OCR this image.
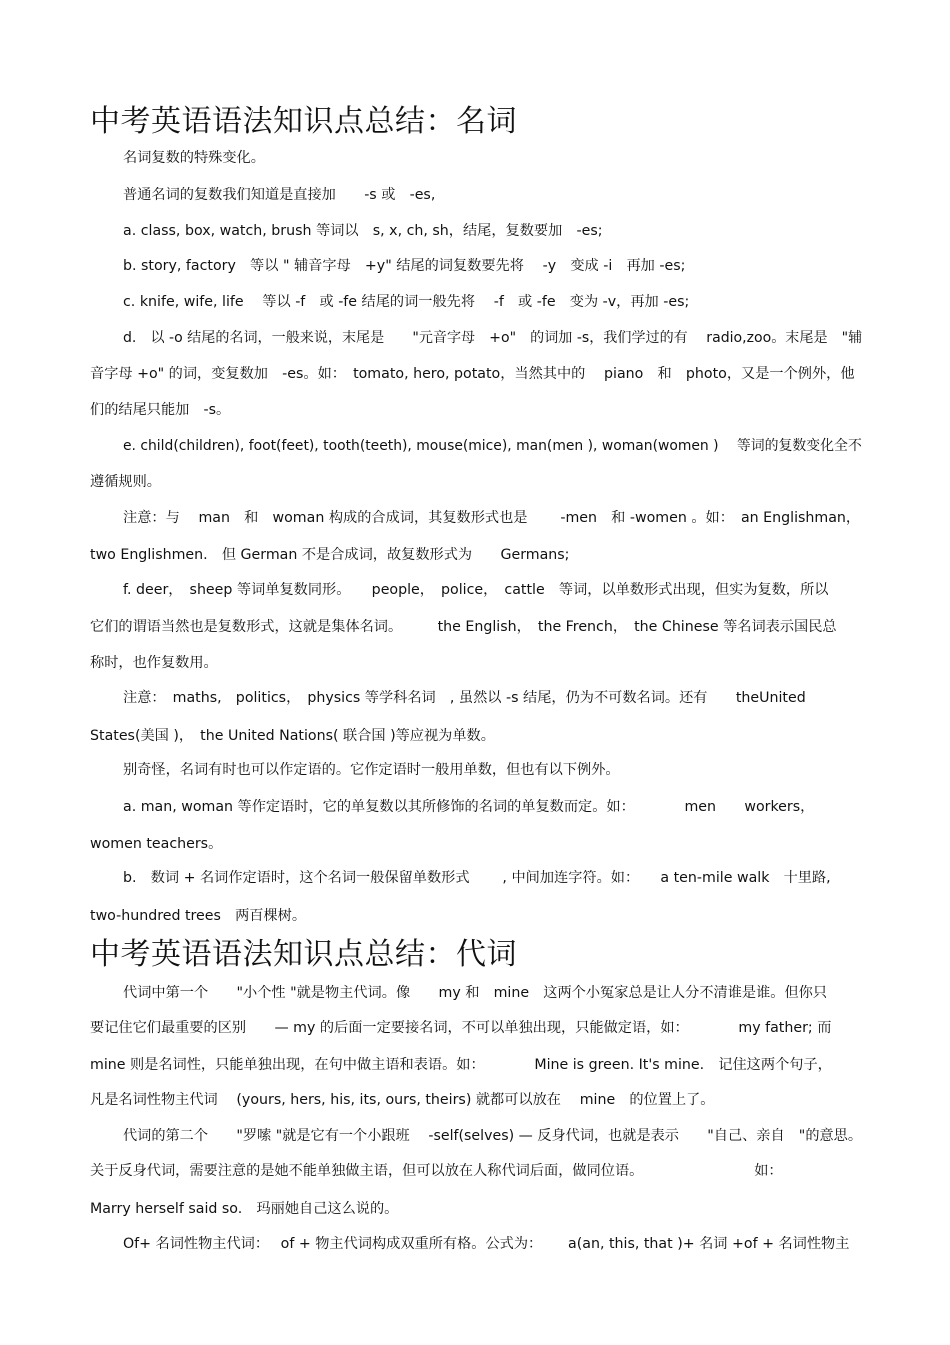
中考英语语法知识点总结：名词

名词复数的特殊变化。

普通名词的复数我们知道是直接加　　-s 或　-es,

a. class, box, watch, brush 等词以　s, x, ch, sh，结尾，复数要加　-es;

b. story, factory　等以 " 辅音字母　+y" 结尾的词复数要先将　 -y　变成 -i　再加 -es;

c. knife, wife, life　 等以 -f　或 -fe 结尾的词一般先将　 -f　或 -fe　变为 -v，再加 -es;

d.　以 -o 结尾的名词，一般来说，末尾是　　"元音字母　+o"　的词加 -s，我们学过的有　 radio,zoo。末尾是　"辅

音字母 +o" 的词，变复数加　-es。如：　tomato, hero, potato，当然其中的　 piano　和　photo，又是一个例外，他

们的结尾只能加　-s。

e. child(children), foot(feet), tooth(teeth), mouse(mice), man(men ), woman(women )　 等词的复数变化全不

遵循规则。

注意：与　 man　和　woman 构成的合成词，其复数形式也是　　 -men　和 -women 。如：　an Englishman，

two Englishmen.　但 German 不是合成词，故复数形式为　　Germans;

f. deer，　sheep 等词单复数同形。　　people，　police，　cattle　等词，以单数形式出现，但实为复数，所以

它们的谓语当然也是复数形式，这就是集体名词。　　　the English，　the French，　the Chinese 等名词表示国民总

称时，也作复数用。

注意：　maths,　politics，　physics 等学科名词　, 虽然以 -s 结尾，仍为不可数名词。还有　　theUnited

States(美国 )，　the United Nations( 联合国 )等应视为单数。

别奇怪，名词有时也可以作定语的。它作定语时一般用单数，但也有以下例外。

a. man, woman 等作定语时，它的单复数以其所修饰的名词的单复数而定。如：　　　　men　　workers，

women teachers。

b.　数词 + 名词作定语时，这个名词一般保留单数形式　　 , 中间加连字符。如：　　a ten-mile walk　十里路,

two-hundred trees　两百棵树。

中考英语语法知识点总结：代词

代词中第一个　　"小个性 "就是物主代词。像　　my 和　mine　这两个小冤家总是让人分不清谁是谁。但你只

要记住它们最重要的区别　　— my 的后面一定要接名词，不可以单独出现，只能做定语，如：　　　　my father; 而

mine 则是名词性，只能单独出现，在句中做主语和表语。如：　　　　Mine is green. It's mine.　记住这两个句子，

凡是名词性物主代词　 (yours, hers, his, its, ours, theirs) 就都可以放在　 mine　的位置上了。

代词的第二个　　"罗嗦 "就是它有一个小跟班　 -self(selves) — 反身代词，也就是表示　　"自己、亲自　"的意思。

关于反身代词，需要注意的是她不能单独做主语，但可以放在人称代词后面，做同位语。　　　　　　　　 如：

Marry herself said so.　玛丽她自己这么说的。

Of+ 名词性物主代词：　 of + 物主代词构成双重所有格。公式为：　　 a(an, this, that )+ 名词 +of + 名词性物主
